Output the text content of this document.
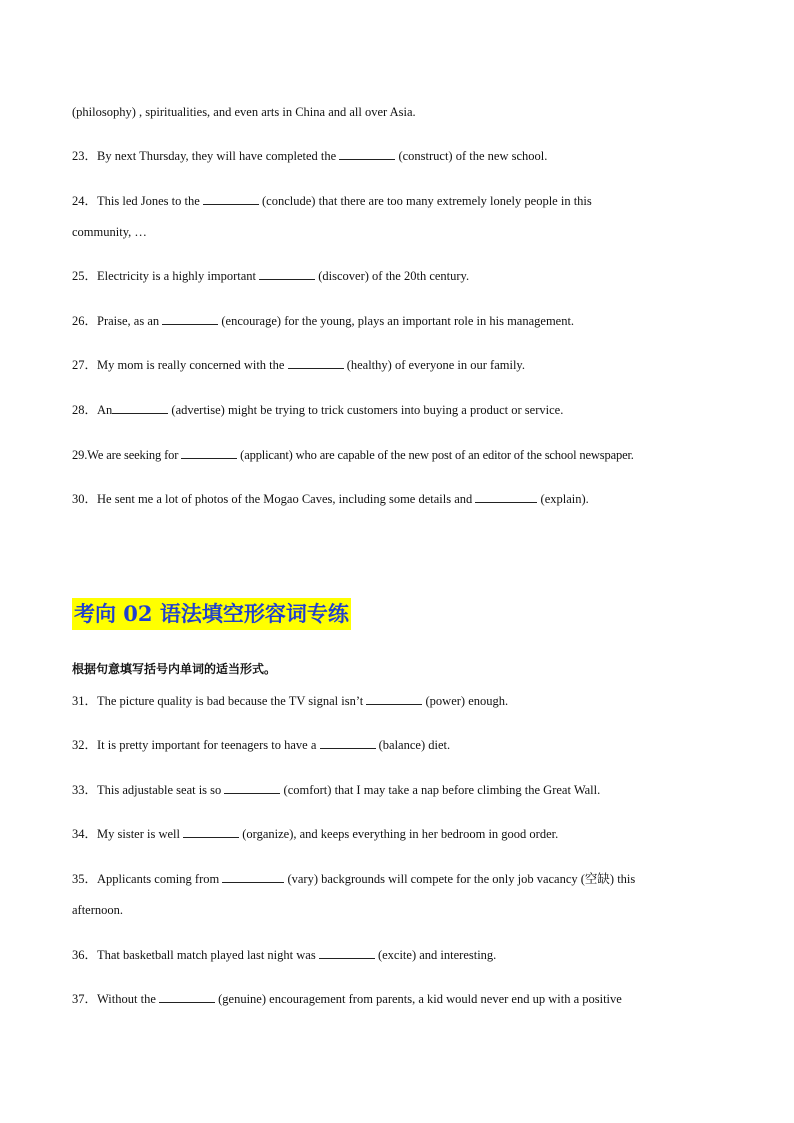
(philosophy) , spiritualities, and even arts in China and all over Asia.
23．By next Thursday, they will have completed the	(construct) of the new school.
24．This led Jones to the	(conclude) that there are too many extremely lonely people in this
community, …
25．Electricity is a highly important	(discover) of the 20th century.
26．Praise, as an	(encourage) for the young, plays an important role in his management.
27．My mom is really concerned with the	(healthy) of everyone in our family.
28．An	(advertise) might be trying to trick customers into buying a product or service.
29.We are seeking for	(applicant) who are capable of the new post of an editor of the school newspaper.
30．He sent me a lot of photos of the Mogao Caves, including some details and	(explain).
考向 02 语法填空形容词专练
根据句意填写括号内单词的适当形式。
31．The picture quality is bad because the TV signal isn’t	(power) enough.
32．It is pretty important for teenagers to have a	(balance) diet.
33．This adjustable seat is so	(comfort) that I may take a nap before climbing the Great Wall.
34．My sister is well	(organize), and keeps everything in her bedroom in good order.
35．Applicants coming from	(vary) backgrounds will compete for the only job vacancy (空缺) this
afternoon.
36．That basketball match played last night was	(excite) and interesting.
37．Without the	(genuine) encouragement from parents, a kid would never end up with a positive
